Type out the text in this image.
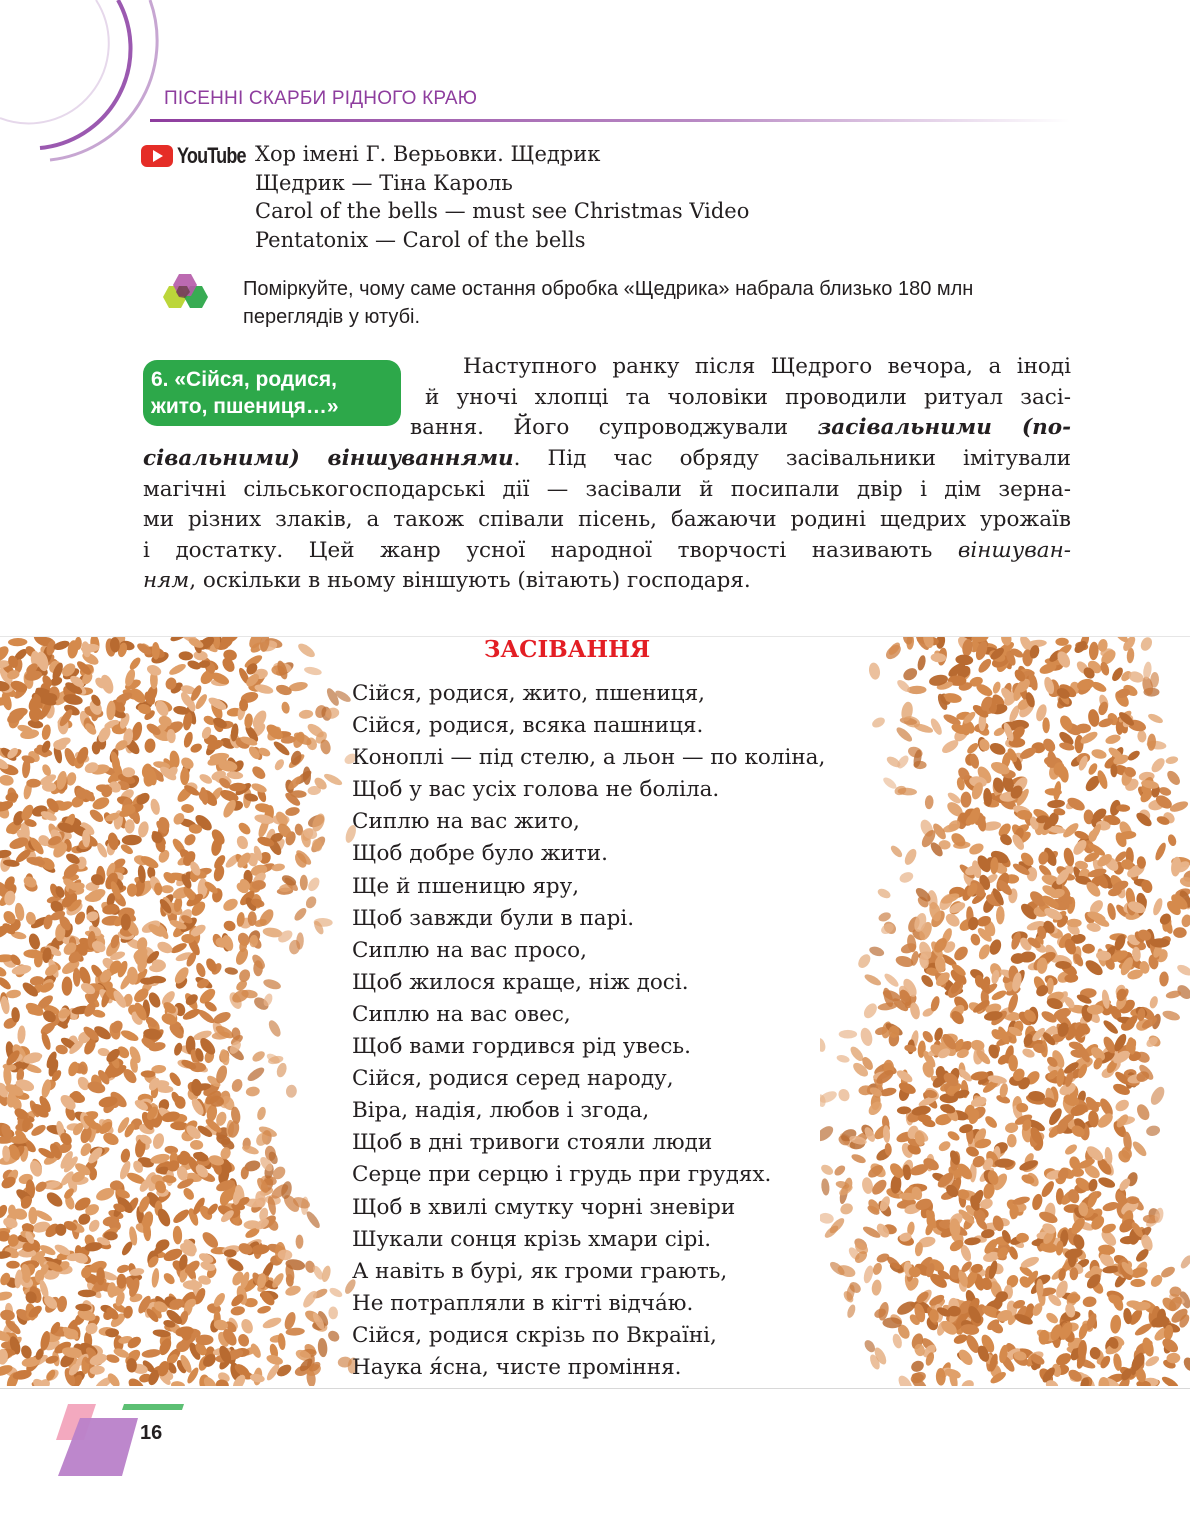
ПІСЕННІ СКАРБИ РІДНОГО КРАЮ
YouTube Хор імені Г. Верьовки. Щедрик
Щедрик — Тіна Кароль
Carol of the bells — must see Christmas Video
Pentatonix — Carol of the bells
Поміркуйте, чому саме остання обробка «Щедрика» набрала близько 180 млн переглядів у ютубі.
6. «Сійся, родися,
жито, пшениця…»
Наступного ранку після Щедрого вечора, а іноді
й уночі хлопці та чоловіки проводили ритуал засі-
вання. Його супроводжували засівальними (по-
сівальними) віншуваннями. Під час обряду засівальники імітували
магічні сільськогосподарські дії — засівали й посипали двір і дім зерна-
ми різних злаків, а також співали пісень, бажаючи родині щедрих урожаїв
і достатку. Цей жанр усної народної творчості називають віншуван-
ням, оскільки в ньому віншують (вітають) господаря.
ЗАСІВАННЯ
Сійся, родися, жито, пшениця,
Сійся, родися, всяка пашниця.
Коноплі — під стелю, а льон — по коліна,
Щоб у вас усіх голова не боліла.
Сиплю на вас жито,
Щоб добре було жити.
Ще й пшеницю яру,
Щоб завжди були в парі.
Сиплю на вас просо,
Щоб жилося краще, ніж досі.
Сиплю на вас овес,
Щоб вами гордився рід увесь.
Сійся, родися серед народу,
Віра, надія, любов і згода,
Щоб в дні тривоги стояли люди
Серце при серцю і грудь при грудях.
Щоб в хвилі смутку чорні зневіри
Шукали сонця крізь хмари сірі.
А навіть в бурі, як громи грають,
Не потрапляли в кігті відча́ю.
Сійся, родися скрізь по Вкраїні,
Наука я́сна, чисте проміння.
16
